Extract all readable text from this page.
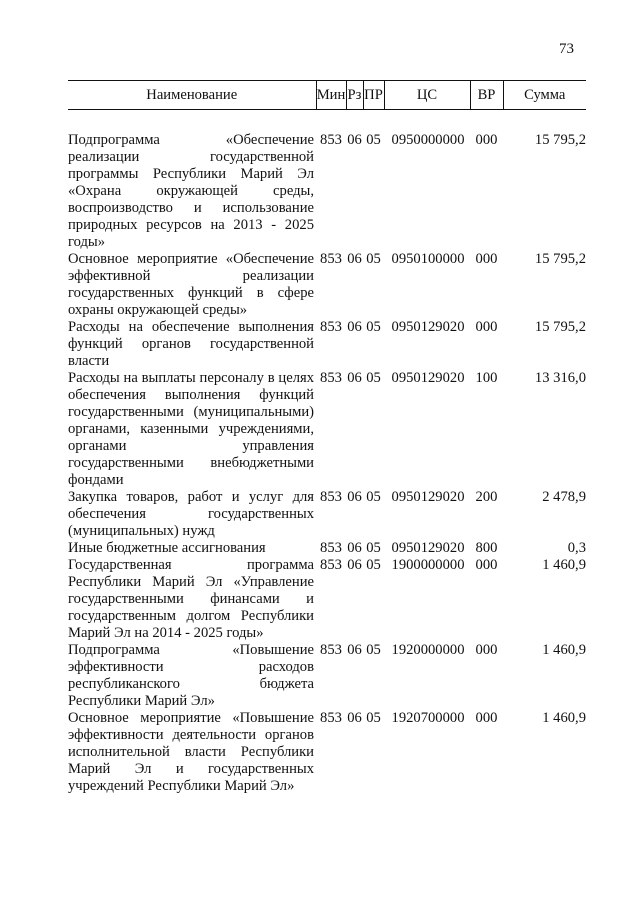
73
Наименование	Мин	Рз	ПР	ЦС	ВР	Сумма

Подпрограмма «Обеспечение реализации государственной программы Республики Марий Эл «Охрана окружающей среды, воспроизводство и использование природных ресурсов на 2013 - 2025 годы»	853	06	05	0950000000	000	15 795,2
Основное мероприятие «Обеспечение эффективной реализации государственных функций в сфере охраны окружающей среды»	853	06	05	0950100000	000	15 795,2
Расходы на обеспечение выполнения функций органов государственной власти	853	06	05	0950129020	000	15 795,2
Расходы на выплаты персоналу в целях обеспечения выполнения функций государственными (муниципальными) органами, казенными учреждениями, органами управления государственными внебюджетными фондами	853	06	05	0950129020	100	13 316,0
Закупка товаров, работ и услуг для обеспечения государственных (муниципальных) нужд	853	06	05	0950129020	200	2 478,9
Иные бюджетные ассигнования	853	06	05	0950129020	800	0,3
Государственная программа Республики Марий Эл «Управление государственными финансами и государственным долгом Республики Марий Эл на 2014 - 2025 годы»	853	06	05	1900000000	000	1 460,9
Подпрограмма «Повышение эффективности расходов республиканского бюджета Республики Марий Эл»	853	06	05	1920000000	000	1 460,9
Основное мероприятие «Повышение эффективности деятельности органов исполнительной власти Республики Марий Эл и государственных учреждений Республики Марий Эл»	853	06	05	1920700000	000	1 460,9
